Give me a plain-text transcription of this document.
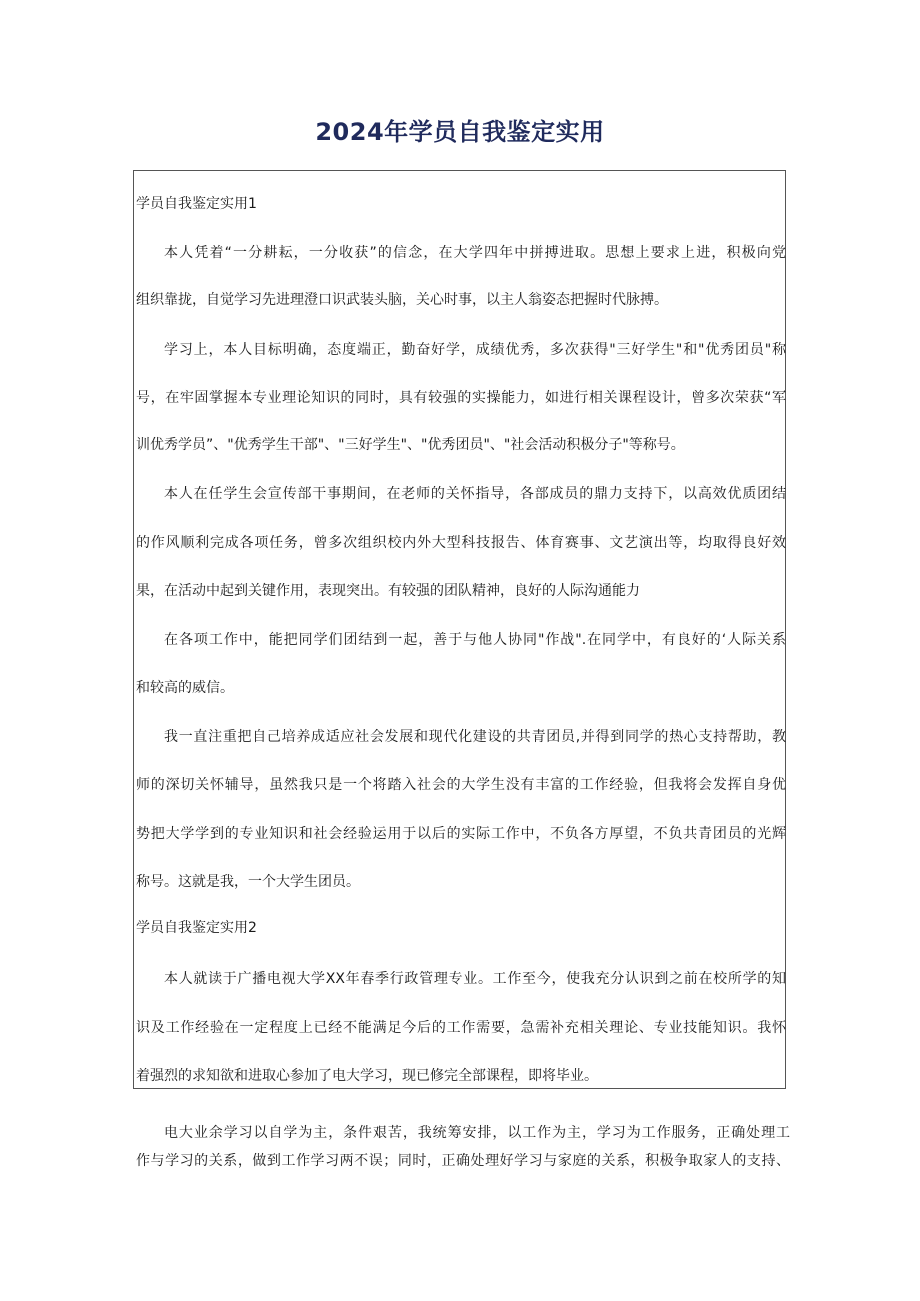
2024年学员自我鉴定实用

学员自我鉴定实用1

本人凭着“一分耕耘，一分收获”的信念，在大学四年中拼搏进取。思想上要求上进，积极向党

组织靠拢，自觉学习先进理澄口识武装头脑，关心时事，以主人翁姿态把握时代脉搏。

学习上，本人目标明确，态度端正，勤奋好学，成绩优秀，多次获得"三好学生"和"优秀团员"称

号，在牢固掌握本专业理论知识的同时，具有较强的实操能力，如进行相关课程设计，曾多次荣获“军

训优秀学员”、"优秀学生干部"、"三好学生"、"优秀团员"、"社会活动积极分子"等称号。

本人在任学生会宣传部干事期间，在老师的关怀指导，各部成员的鼎力支持下，以高效优质团结

的作风顺利完成各项任务，曾多次组织校内外大型科技报告、体育赛事、文艺演出等，均取得良好效

果，在活动中起到关键作用，表现突出。有较强的团队精神，良好的人际沟通能力

在各项工作中，能把同学们团结到一起，善于与他人协同"作战".在同学中，有良好的‘人际关系

和较高的威信。

我一直注重把自己培养成适应社会发展和现代化建设的共青团员,并得到同学的热心支持帮助，教

师的深切关怀辅导，虽然我只是一个将踏入社会的大学生没有丰富的工作经验，但我将会发挥自身优

势把大学学到的专业知识和社会经验运用于以后的实际工作中，不负各方厚望，不负共青团员的光辉

称号。这就是我，一个大学生团员。

学员自我鉴定实用2

本人就读于广播电视大学XX年春季行政管理专业。工作至今，使我充分认识到之前在校所学的知

识及工作经验在一定程度上已经不能满足今后的工作需要，急需补充相关理论、专业技能知识。我怀

着强烈的求知欲和进取心参加了电大学习，现已修完全部课程，即将毕业。

电大业余学习以自学为主，条件艰苦，我统筹安排，以工作为主，学习为工作服务，正确处理工

作与学习的关系，做到工作学习两不误；同时，正确处理好学习与家庭的关系，积极争取家人的支持、
